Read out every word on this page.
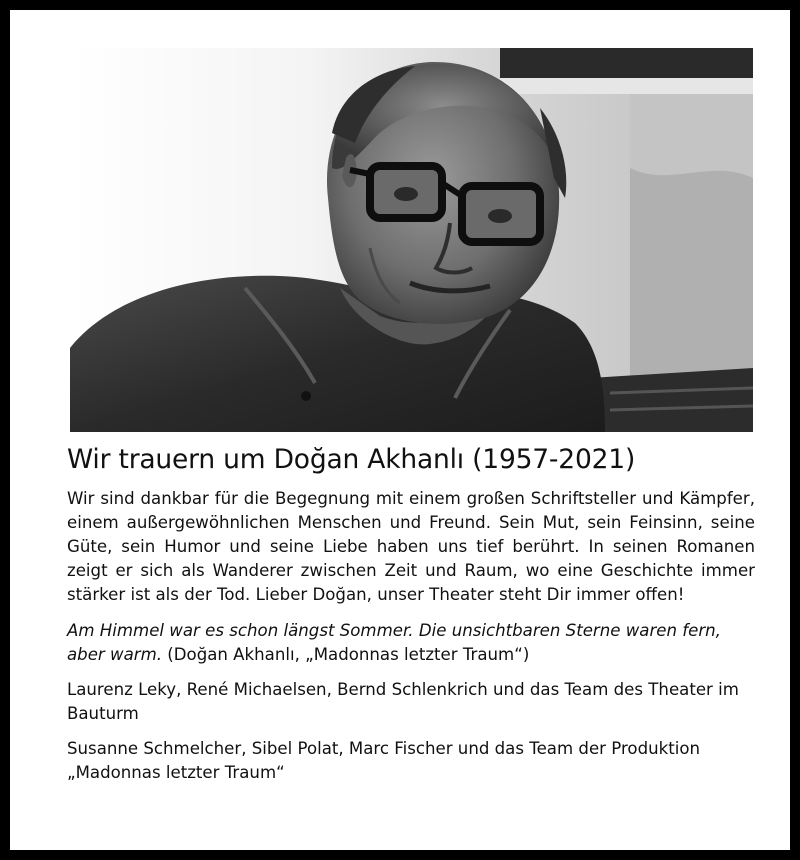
Wir trauern um Doğan Akhanlı (1957-2021)

Wir sind dankbar für die Begegnung mit einem großen Schriftsteller und Kämpfer, einem außergewöhnlichen Menschen und Freund. Sein Mut, sein Feinsinn, seine Güte, sein Humor und seine Liebe haben uns tief berührt. In seinen Romanen zeigt er sich als Wanderer zwischen Zeit und Raum, wo eine Geschichte immer stärker ist als der Tod. Lieber Doğan, unser Theater steht Dir immer offen!

Am Himmel war es schon längst Sommer. Die unsichtbaren Sterne waren fern, aber warm. (Doğan Akhanlı, „Madonnas letzter Traum“)

Laurenz Leky, René Michaelsen, Bernd Schlenkrich und das Team des Theater im Bauturm

Susanne Schmelcher, Sibel Polat, Marc Fischer und das Team der Produktion „Madonnas letzter Traum“
